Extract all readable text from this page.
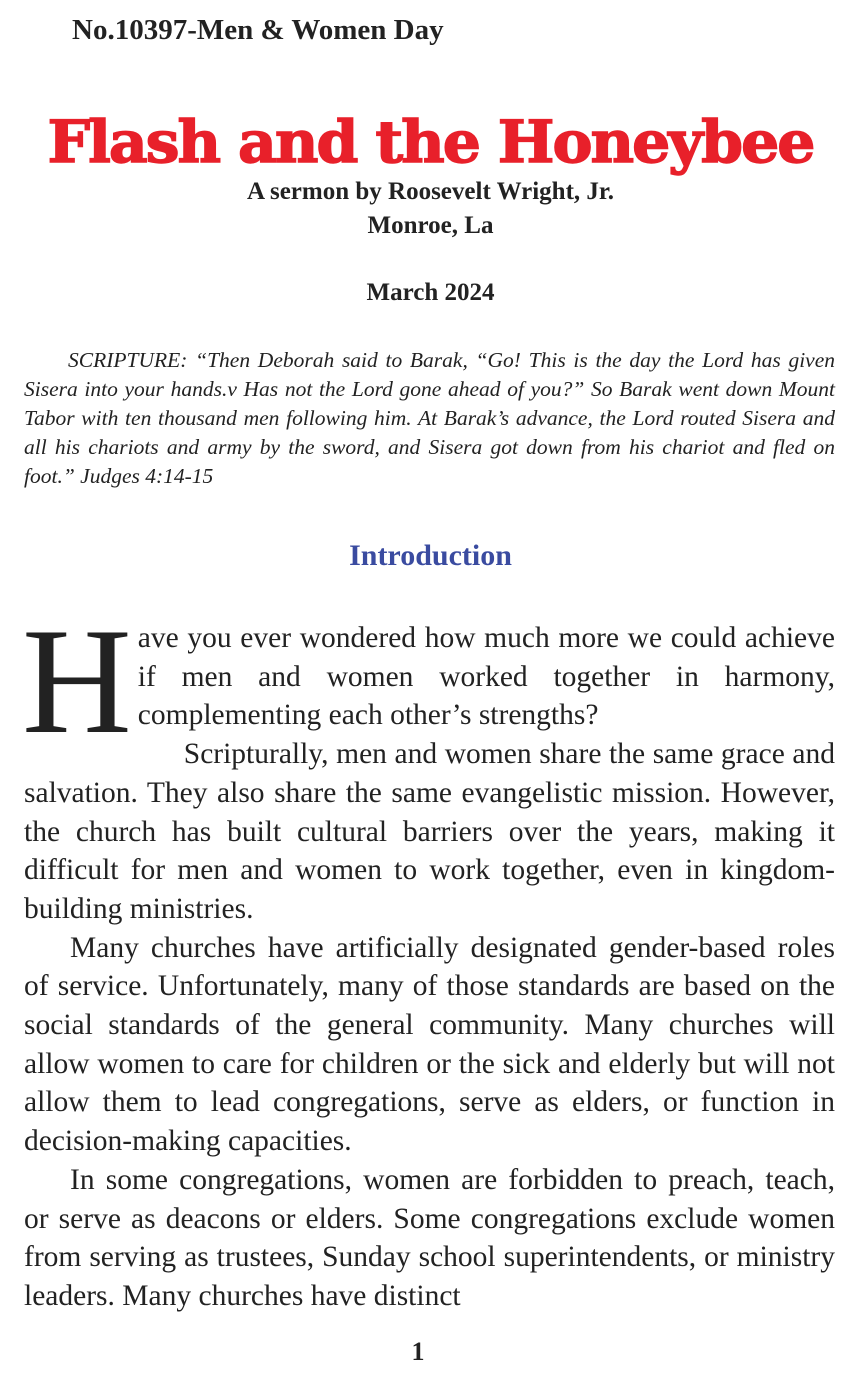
No.10397-Men & Women Day
Flash and the Honeybee

A sermon by Roosevelt Wright, Jr.

Monroe, La

March 2024

SCRIPTURE: “Then Deborah said to Barak, “Go! This is the day the Lord has given Sisera into your hands.v Has not the Lord gone ahead of you?” So Barak went down Mount Tabor with ten thousand men following him. At Barak’s advance, the Lord routed Sisera and all his chariots and army by the sword, and Sisera got down from his chariot and fled on foot.” Judges 4:14-15

Introduction

Have you ever wondered how much more we could achieve if men and women worked together in harmony, complementing each other’s strengths?

Scripturally, men and women share the same grace and salvation. They also share the same evangelistic mission. However, the church has built cultural barriers over the years, making it difficult for men and women to work together, even in kingdom-building ministries.

Many churches have artificially designated gender-based roles of service. Unfortunately, many of those standards are based on the social standards of the general community. Many churches will allow women to care for children or the sick and elderly but will not allow them to lead congregations, serve as elders, or function in decision-making capacities.

In some congregations, women are forbidden to preach, teach, or serve as deacons or elders. Some congregations exclude women from serving as trustees, Sunday school superintendents, or ministry leaders. Many churches have distinct

1
